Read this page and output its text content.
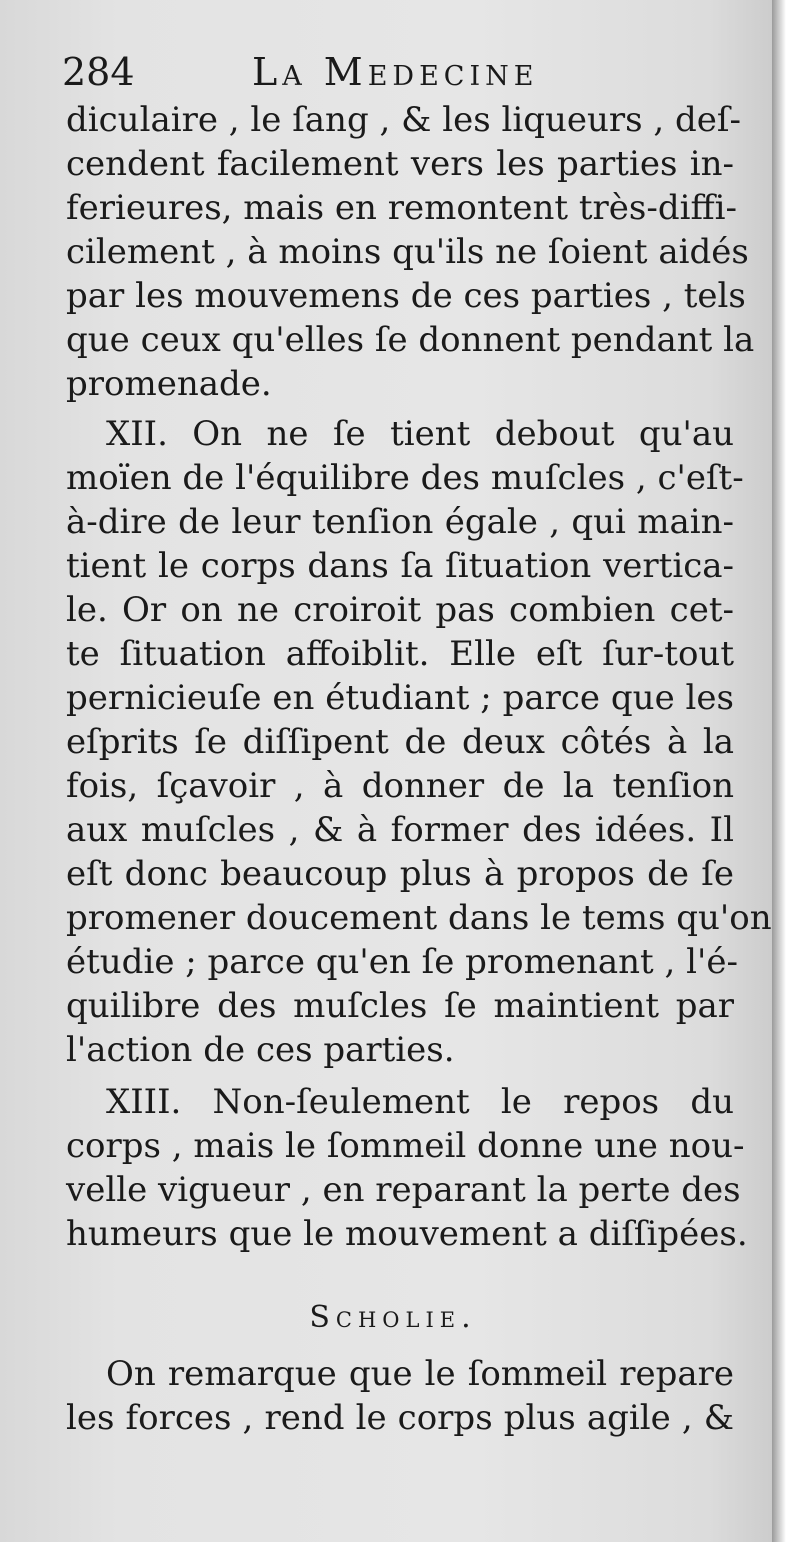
284	La Medecine
diculaire , le ſang , & les liqueurs , deſ-
cendent facilement vers les parties in-
ferieures, mais en remontent très-diffi-
cilement , à moins qu'ils ne ſoient aidés
par les mouvemens de ces parties , tels
que ceux qu'elles ſe donnent pendant la
promenade.
XII. On ne ſe tient debout qu'au
moïen de l'équilibre des muſcles , c'eſt-
à-dire de leur tenſion égale , qui main-
tient le corps dans ſa ſituation vertica-
le. Or on ne croiroit pas combien cet-
te ſituation affoiblit. Elle eſt ſur-tout
pernicieuſe en étudiant ; parce que les
eſprits ſe diſſipent de deux côtés à la
fois, ſçavoir , à donner de la tenſion
aux muſcles , & à former des idées. Il
eſt donc beaucoup plus à propos de ſe
promener doucement dans le tems qu'on
étudie ; parce qu'en ſe promenant , l'é-
quilibre des muſcles ſe maintient par
l'action de ces parties.
XIII. Non-ſeulement le repos du
corps , mais le ſommeil donne une nou-
velle vigueur , en reparant la perte des
humeurs que le mouvement a diſſipées.
Scholie.
On remarque que le ſommeil repare
les forces , rend le corps plus agile , &
